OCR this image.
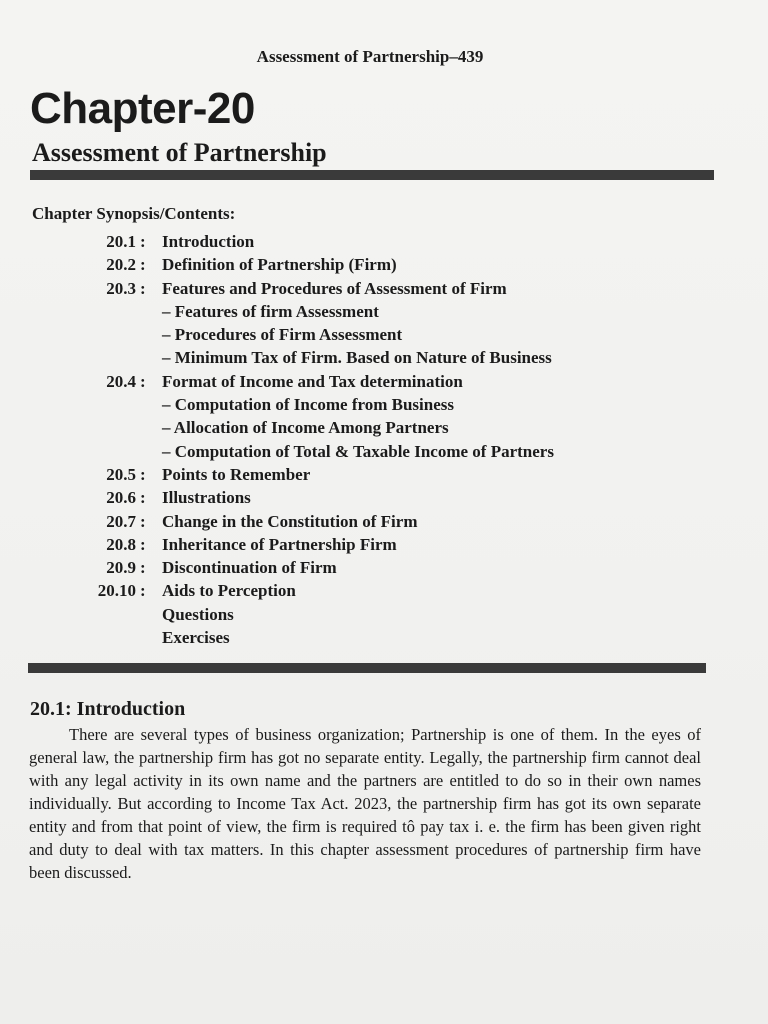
Assessment of Partnership–439
Chapter-20
Assessment of Partnership
Chapter Synopsis/Contents:
20.1 : Introduction
20.2 : Definition of Partnership (Firm)
20.3 : Features and Procedures of Assessment of Firm
– Features of firm Assessment
– Procedures of Firm Assessment
– Minimum Tax of Firm. Based on Nature of Business
20.4 : Format of Income and Tax determination
– Computation of Income from Business
– Allocation of Income Among Partners
– Computation of Total & Taxable Income of Partners
20.5 : Points to Remember
20.6 : Illustrations
20.7 : Change in the Constitution of Firm
20.8 : Inheritance of Partnership Firm
20.9 : Discontinuation of Firm
20.10 : Aids to Perception
Questions
Exercises
20.1: Introduction
There are several types of business organization; Partnership is one of them. In the eyes of general law, the partnership firm has got no separate entity. Legally, the partnership firm cannot deal with any legal activity in its own name and the partners are entitled to do so in their own names individually. But according to Income Tax Act. 2023, the partnership firm has got its own separate entity and from that point of view, the firm is required tô pay tax i. e. the firm has been given right and duty to deal with tax matters. In this chapter assessment procedures of partnership firm have been discussed.
